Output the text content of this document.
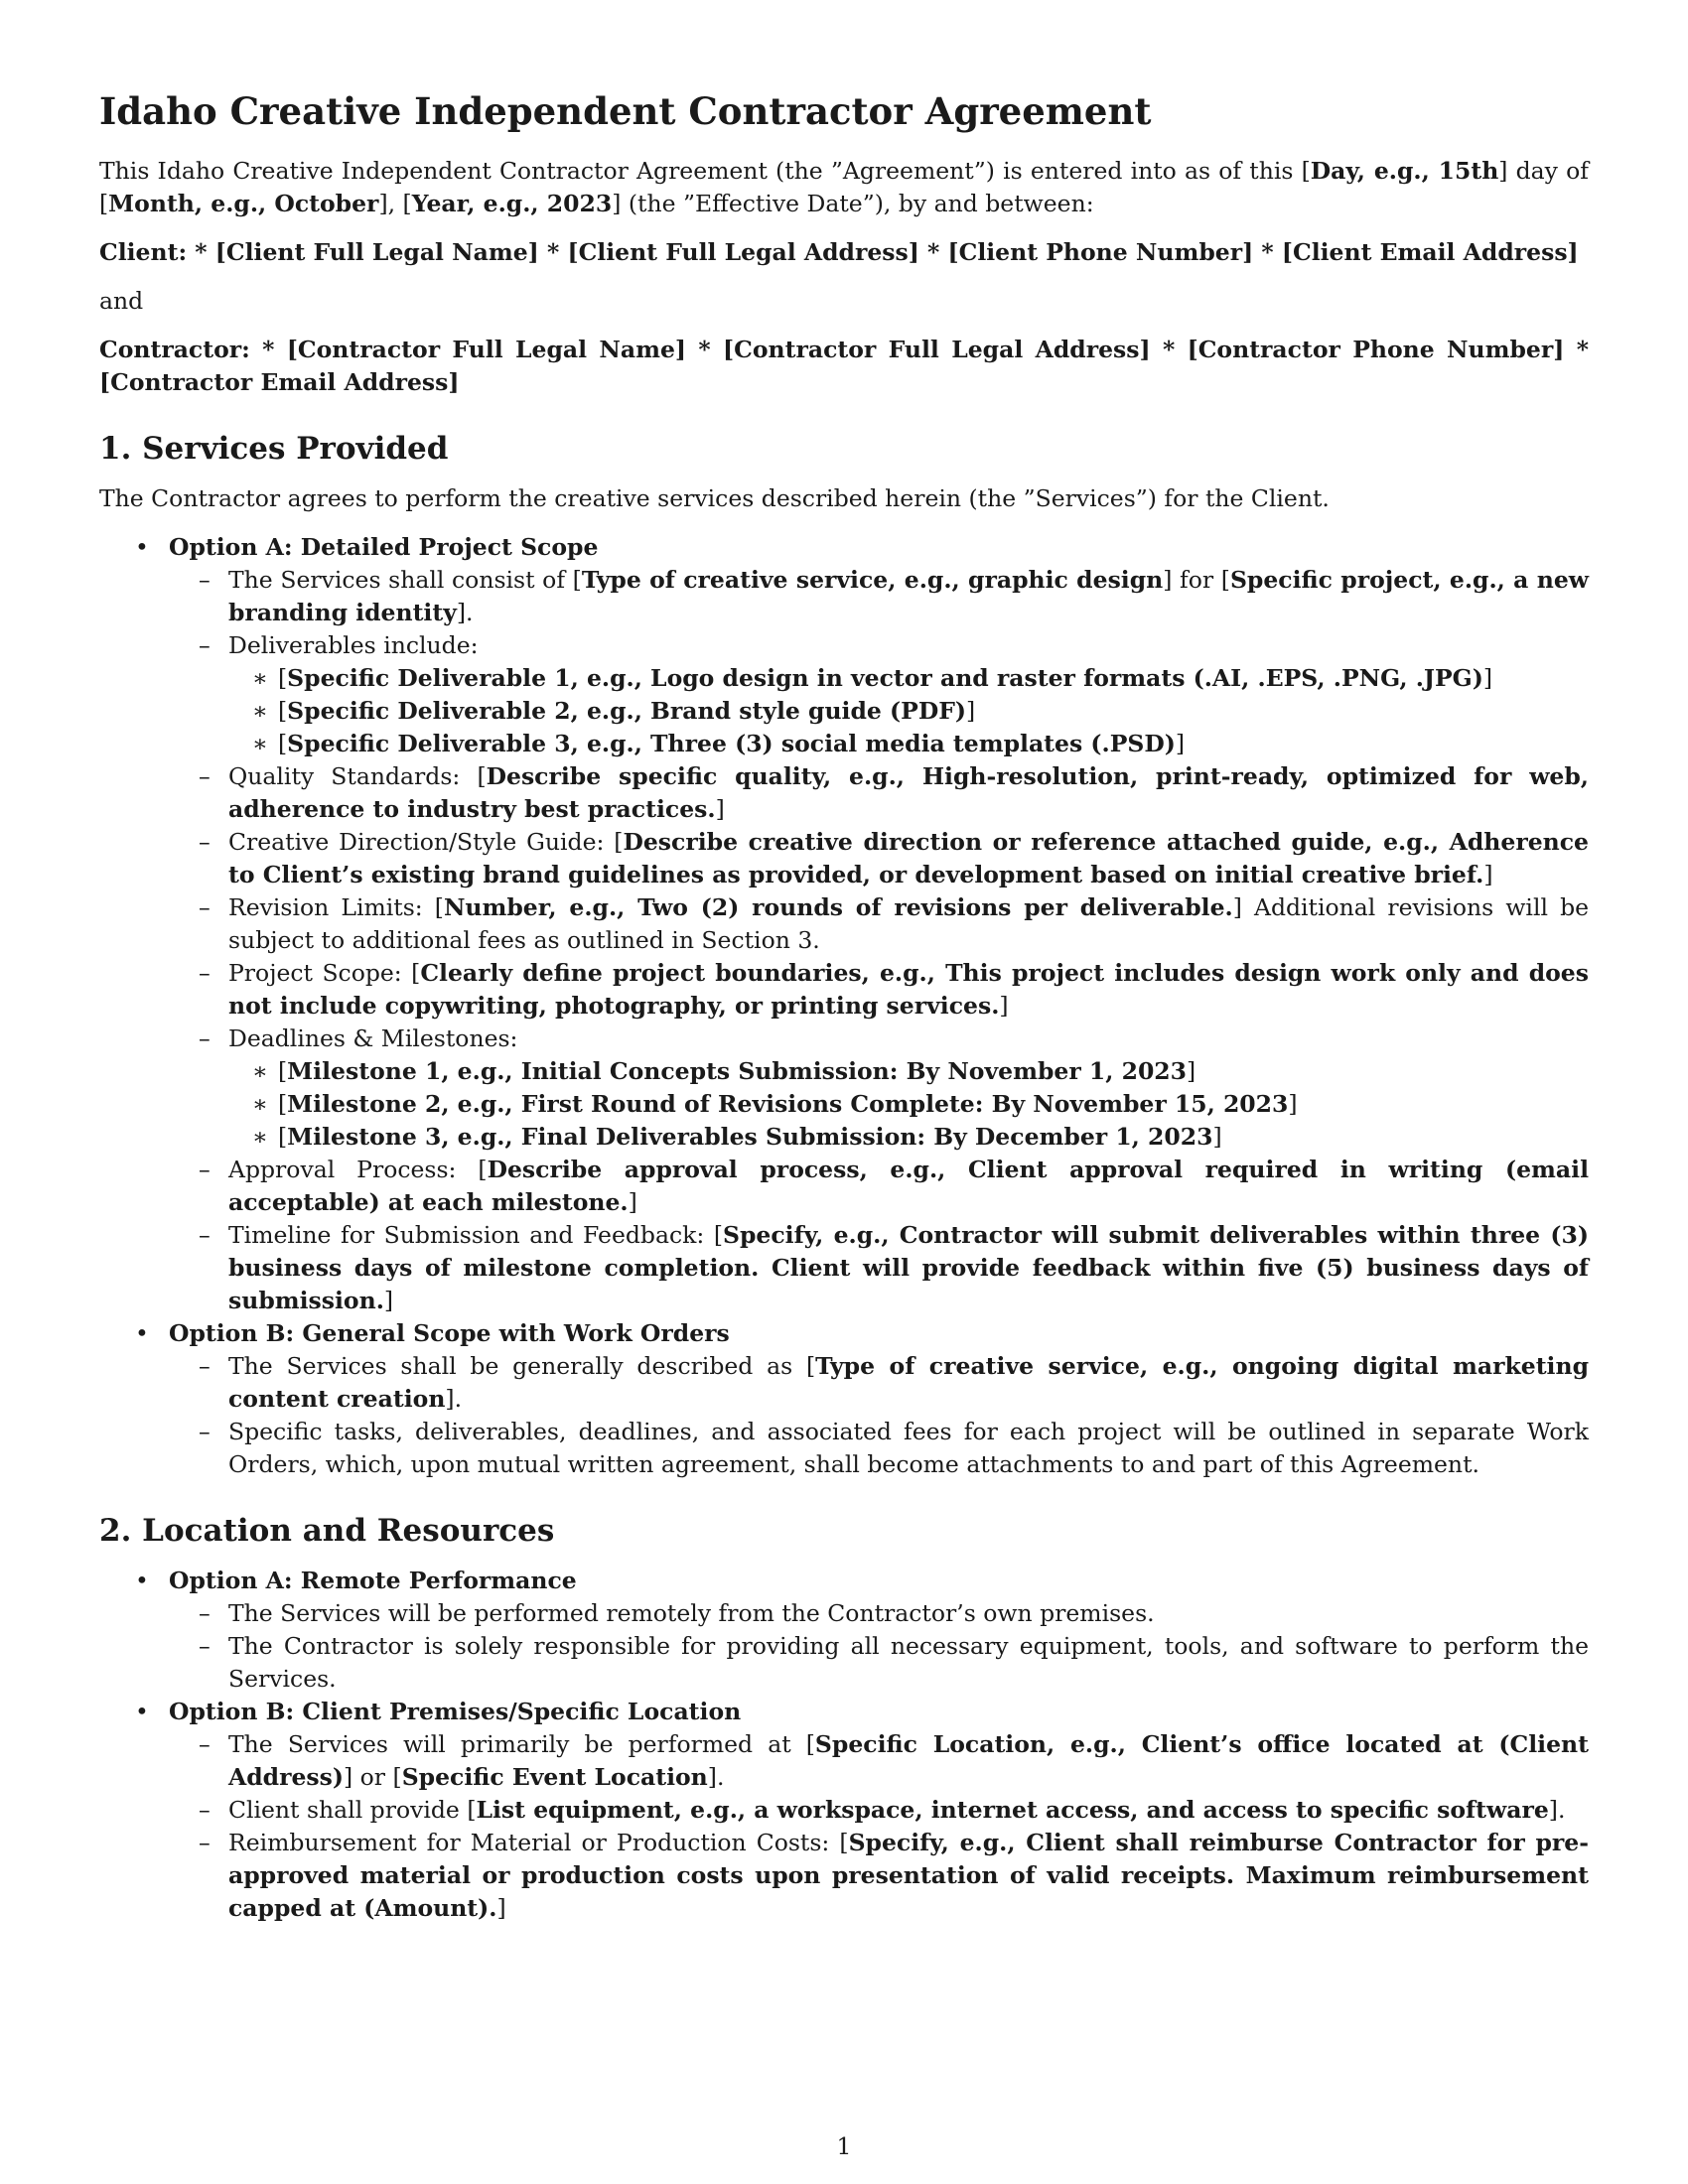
Idaho Creative Independent Contractor Agreement

This Idaho Creative Independent Contractor Agreement (the ”Agreement”) is entered into as of this [Day, e.g., 15th] day of [Month, e.g., October], [Year, e.g., 2023] (the ”Effective Date”), by and between:

Client: * [Client Full Legal Name] * [Client Full Legal Address] * [Client Phone Number] * [Client Email Address]

and

Contractor: * [Contractor Full Legal Name] * [Contractor Full Legal Address] * [Contractor Phone Number] * [Contractor Email Address]

1. Services Provided

The Contractor agrees to perform the creative services described herein (the ”Services”) for the Client.

• Option A: Detailed Project Scope
– The Services shall consist of [Type of creative service, e.g., graphic design] for [Specific project, e.g., a new branding identity].
– Deliverables include:
∗ [Specific Deliverable 1, e.g., Logo design in vector and raster formats (.AI, .EPS, .PNG, .JPG)]
∗ [Specific Deliverable 2, e.g., Brand style guide (PDF)]
∗ [Specific Deliverable 3, e.g., Three (3) social media templates (.PSD)]
– Quality Standards: [Describe specific quality, e.g., High-resolution, print-ready, optimized for web, adherence to industry best practices.]
– Creative Direction/Style Guide: [Describe creative direction or reference attached guide, e.g., Adherence to Client’s existing brand guidelines as provided, or development based on initial creative brief.]
– Revision Limits: [Number, e.g., Two (2) rounds of revisions per deliverable.] Additional revisions will be subject to additional fees as outlined in Section 3.
– Project Scope: [Clearly define project boundaries, e.g., This project includes design work only and does not include copywriting, photography, or printing services.]
– Deadlines & Milestones:
∗ [Milestone 1, e.g., Initial Concepts Submission: By November 1, 2023]
∗ [Milestone 2, e.g., First Round of Revisions Complete: By November 15, 2023]
∗ [Milestone 3, e.g., Final Deliverables Submission: By December 1, 2023]
– Approval Process: [Describe approval process, e.g., Client approval required in writing (email acceptable) at each milestone.]
– Timeline for Submission and Feedback: [Specify, e.g., Contractor will submit deliverables within three (3) business days of milestone completion. Client will provide feedback within five (5) business days of submission.]
• Option B: General Scope with Work Orders
– The Services shall be generally described as [Type of creative service, e.g., ongoing digital marketing content creation].
– Specific tasks, deliverables, deadlines, and associated fees for each project will be outlined in separate Work Orders, which, upon mutual written agreement, shall become attachments to and part of this Agreement.
2. Location and Resources
• Option A: Remote Performance
– The Services will be performed remotely from the Contractor’s own premises.
– The Contractor is solely responsible for providing all necessary equipment, tools, and software to perform the Services.
• Option B: Client Premises/Specific Location
– The Services will primarily be performed at [Specific Location, e.g., Client’s office located at (Client Address)] or [Specific Event Location].
– Client shall provide [List equipment, e.g., a workspace, internet access, and access to specific software].
– Reimbursement for Material or Production Costs: [Specify, e.g., Client shall reimburse Contractor for pre-approved material or production costs upon presentation of valid receipts. Maximum reimbursement capped at (Amount).]
1
